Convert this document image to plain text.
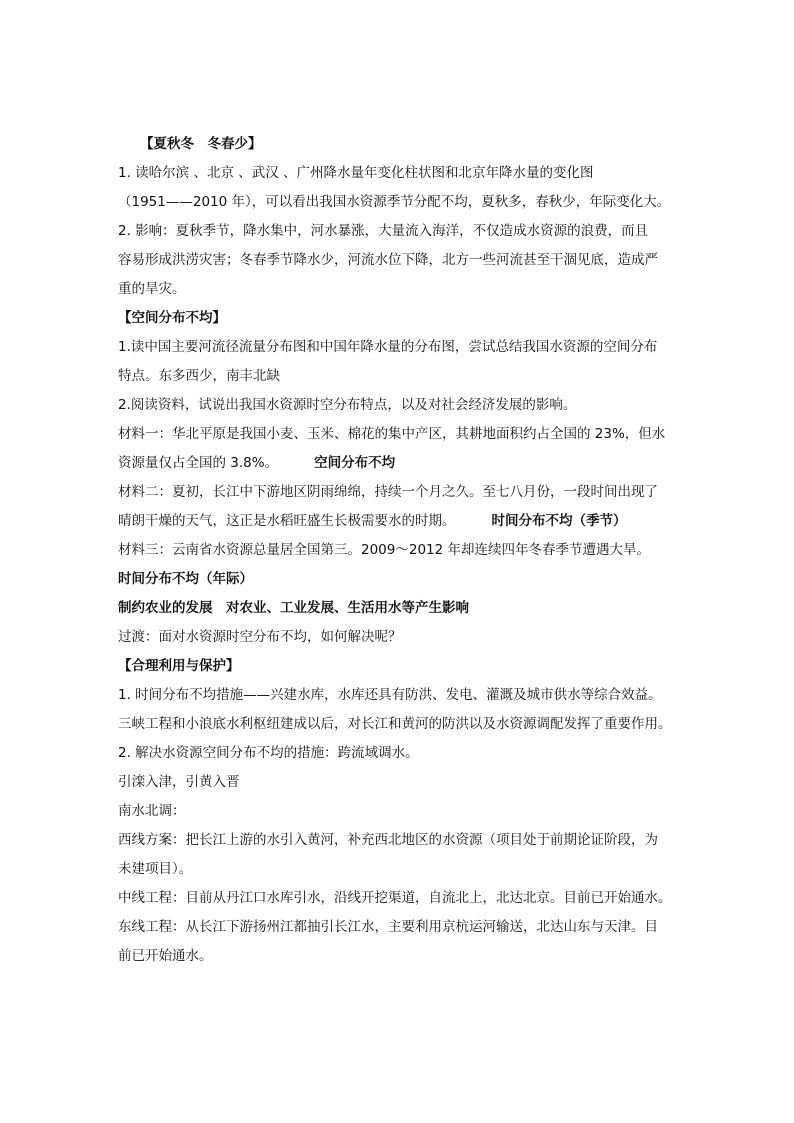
【夏秋冬　冬春少】
1. 读哈尔滨 、北京 、武汉 、广州降水量年变化柱状图和北京年降水量的变化图
（1951——2010 年），可以看出我国水资源季节分配不均，夏秋多，春秋少，年际变化大。
2. 影响：夏秋季节，降水集中，河水暴涨，大量流入海洋，不仅造成水资源的浪费，而且
容易形成洪涝灾害；冬春季节降水少，河流水位下降，北方一些河流甚至干涸见底，造成严
重的旱灾。
【空间分布不均】
1.读中国主要河流径流量分布图和中国年降水量的分布图，尝试总结我国水资源的空间分布
特点。东多西少，南丰北缺
2.阅读资料，试说出我国水资源时空分布特点，以及对社会经济发展的影响。
材料一：华北平原是我国小麦、玉米、棉花的集中产区，其耕地面积约占全国的 23%，但水
资源量仅占全国的 3.8%。	空间分布不均
材料二：夏初，长江中下游地区阴雨绵绵，持续一个月之久。至七八月份，一段时间出现了
晴朗干燥的天气，这正是水稻旺盛生长极需要水的时期。	时间分布不均（季节）
材料三：云南省水资源总量居全国第三。2009～2012 年却连续四年冬春季节遭遇大旱。
时间分布不均（年际）
制约农业的发展　对农业、工业发展、生活用水等产生影响
过渡：面对水资源时空分布不均，如何解决呢？
【合理利用与保护】
1. 时间分布不均措施——兴建水库，水库还具有防洪、发电、灌溉及城市供水等综合效益。
三峡工程和小浪底水利枢纽建成以后，对长江和黄河的防洪以及水资源调配发挥了重要作用。
2. 解决水资源空间分布不均的措施：跨流域调水。
引滦入津，引黄入晋
南水北调：
西线方案：把长江上游的水引入黄河，补充西北地区的水资源（项目处于前期论证阶段，为
未建项目）。
中线工程：目前从丹江口水库引水，沿线开挖渠道，自流北上，北达北京。目前已开始通水。
东线工程：从长江下游扬州江都抽引长江水，主要利用京杭运河输送，北达山东与天津。目
前已开始通水。
